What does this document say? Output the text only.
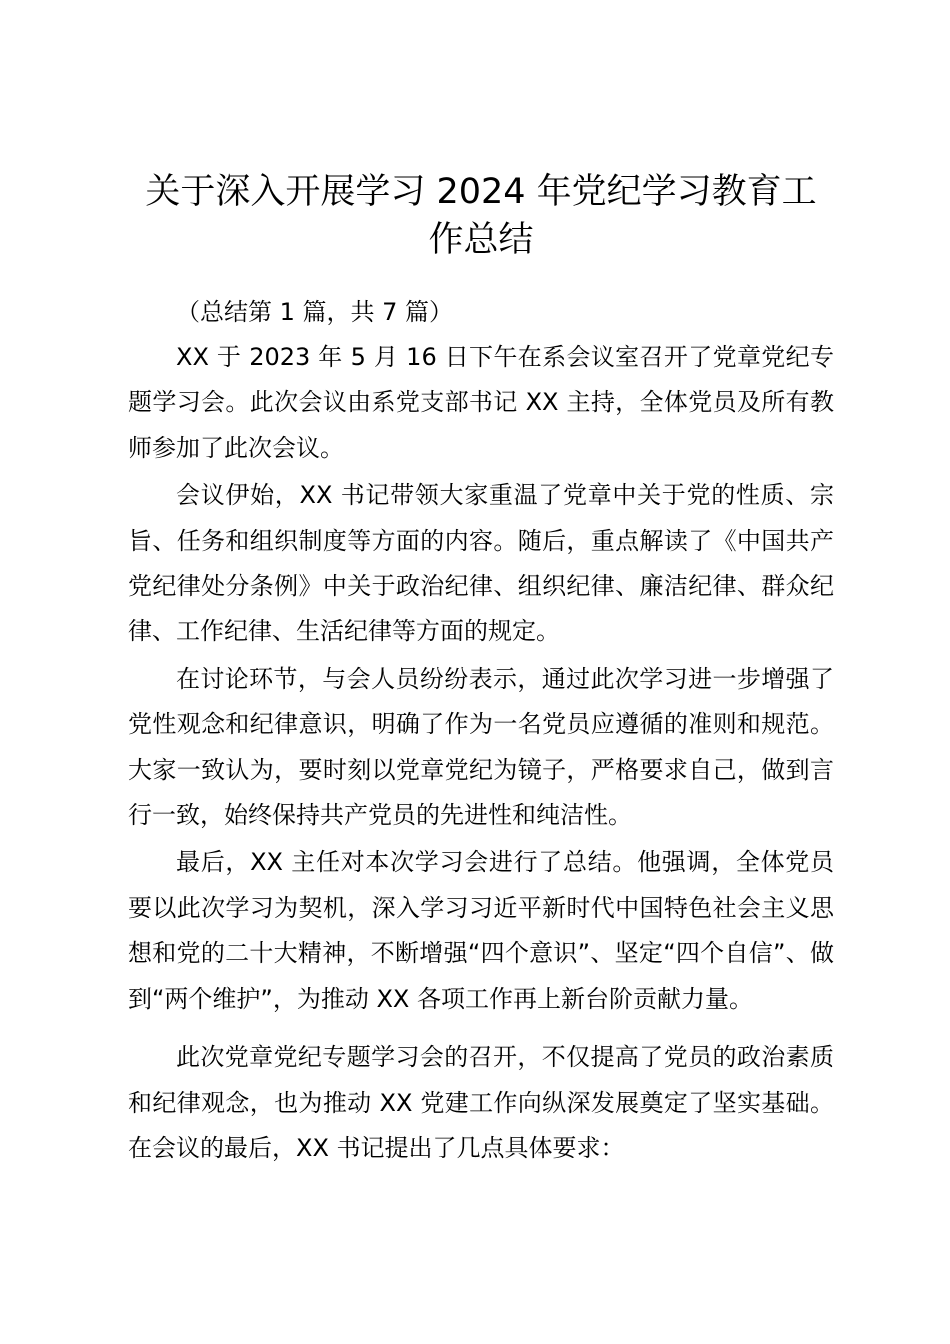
关于深入开展学习 2024 年党纪学习教育工作总结
（总结第 1 篇，共 7 篇）

XX 于 2023 年 5 月 16 日下午在系会议室召开了党章党纪专题学习会。此次会议由系党支部书记 XX 主持，全体党员及所有教师参加了此次会议。

会议伊始，XX 书记带领大家重温了党章中关于党的性质、宗旨、任务和组织制度等方面的内容。随后，重点解读了《中国共产党纪律处分条例》中关于政治纪律、组织纪律、廉洁纪律、群众纪律、工作纪律、生活纪律等方面的规定。

在讨论环节，与会人员纷纷表示，通过此次学习进一步增强了党性观念和纪律意识，明确了作为一名党员应遵循的准则和规范。大家一致认为，要时刻以党章党纪为镜子，严格要求自己，做到言行一致，始终保持共产党员的先进性和纯洁性。

最后，XX 主任对本次学习会进行了总结。他强调，全体党员要以此次学习为契机，深入学习习近平新时代中国特色社会主义思想和党的二十大精神，不断增强“四个意识”、坚定“四个自信”、做到“两个维护”，为推动 XX 各项工作再上新台阶贡献力量。

此次党章党纪专题学习会的召开，不仅提高了党员的政治素质和纪律观念，也为推动 XX 党建工作向纵深发展奠定了坚实基础。在会议的最后，XX 书记提出了几点具体要求：
